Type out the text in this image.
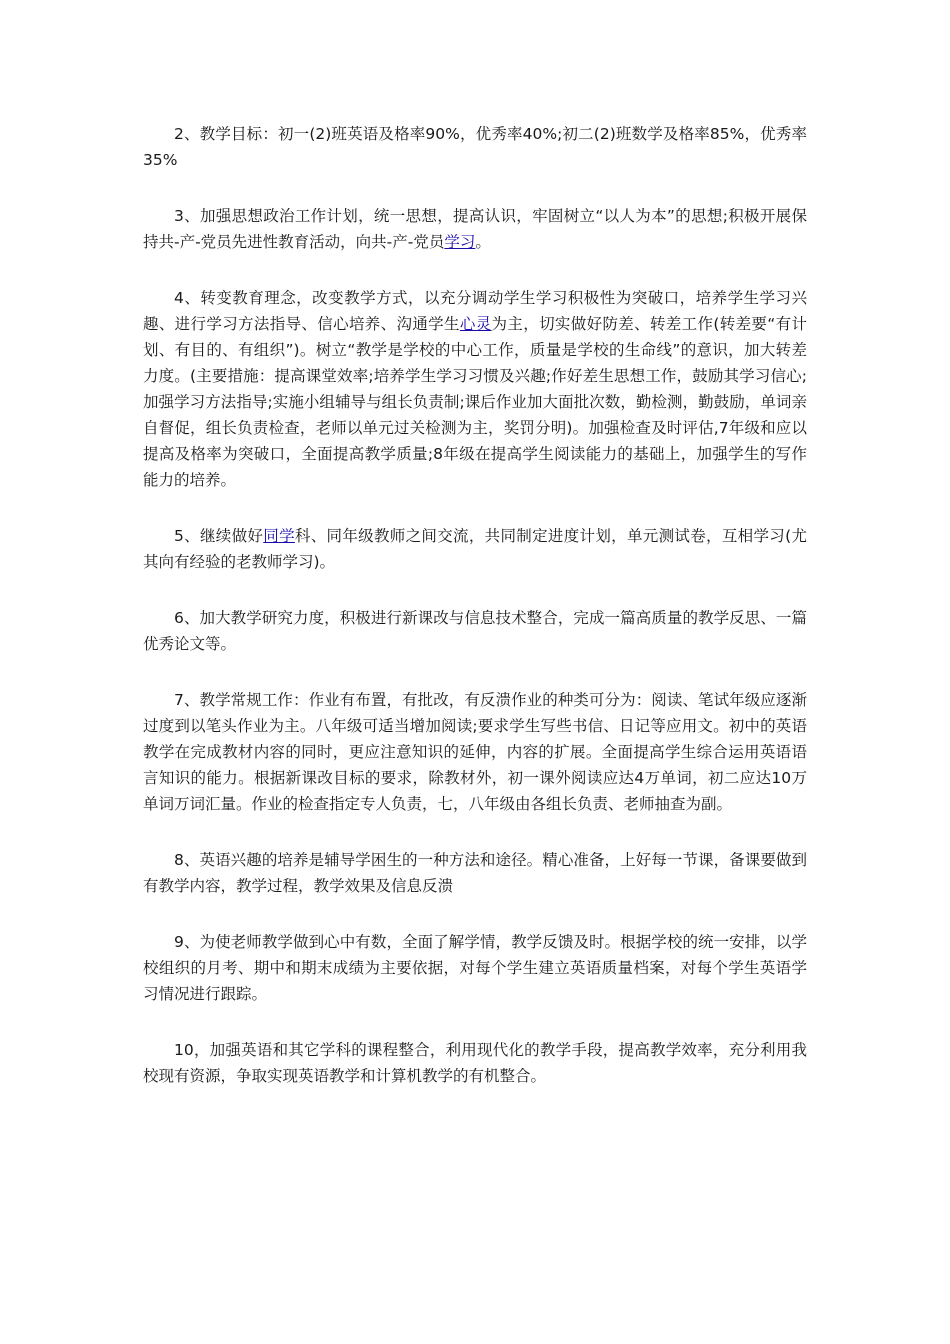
2、教学目标：初一(2)班英语及格率90%，优秀率40%;初二(2)班数学及格率85%，优秀率35%

3、加强思想政治工作计划，统一思想，提高认识，牢固树立“以人为本”的思想;积极开展保持共-产-党员先进性教育活动，向共-产-党员学习。

4、转变教育理念，改变教学方式，以充分调动学生学习积极性为突破口，培养学生学习兴趣、进行学习方法指导、信心培养、沟通学生心灵为主，切实做好防差、转差工作(转差要“有计划、有目的、有组织”)。树立“教学是学校的中心工作，质量是学校的生命线”的意识，加大转差力度。(主要措施：提高课堂效率;培养学生学习习惯及兴趣;作好差生思想工作，鼓励其学习信心;加强学习方法指导;实施小组辅导与组长负责制;课后作业加大面批次数，勤检测，勤鼓励，单词亲自督促，组长负责检查，老师以单元过关检测为主，奖罚分明)。加强检查及时评估,7年级和应以提高及格率为突破口，全面提高教学质量;8年级在提高学生阅读能力的基础上，加强学生的写作能力的培养。

5、继续做好同学科、同年级教师之间交流，共同制定进度计划，单元测试卷，互相学习(尤其向有经验的老教师学习)。

6、加大教学研究力度，积极进行新课改与信息技术整合，完成一篇高质量的教学反思、一篇优秀论文等。

7、教学常规工作：作业有布置，有批改，有反溃作业的种类可分为：阅读、笔试年级应逐渐过度到以笔头作业为主。八年级可适当增加阅读;要求学生写些书信、日记等应用文。初中的英语教学在完成教材内容的同时，更应注意知识的延伸，内容的扩展。全面提高学生综合运用英语语言知识的能力。根据新课改目标的要求，除教材外，初一课外阅读应达4万单词，初二应达10万单词万词汇量。作业的检查指定专人负责，七，八年级由各组长负责、老师抽查为副。

8、英语兴趣的培养是辅导学困生的一种方法和途径。精心准备，上好每一节课，备课要做到有教学内容，教学过程，教学效果及信息反溃

9、为使老师教学做到心中有数，全面了解学情，教学反馈及时。根据学校的统一安排，以学校组织的月考、期中和期末成绩为主要依据，对每个学生建立英语质量档案，对每个学生英语学习情况进行跟踪。

10，加强英语和其它学科的课程整合，利用现代化的教学手段，提高教学效率，充分利用我校现有资源，争取实现英语教学和计算机教学的有机整合。
